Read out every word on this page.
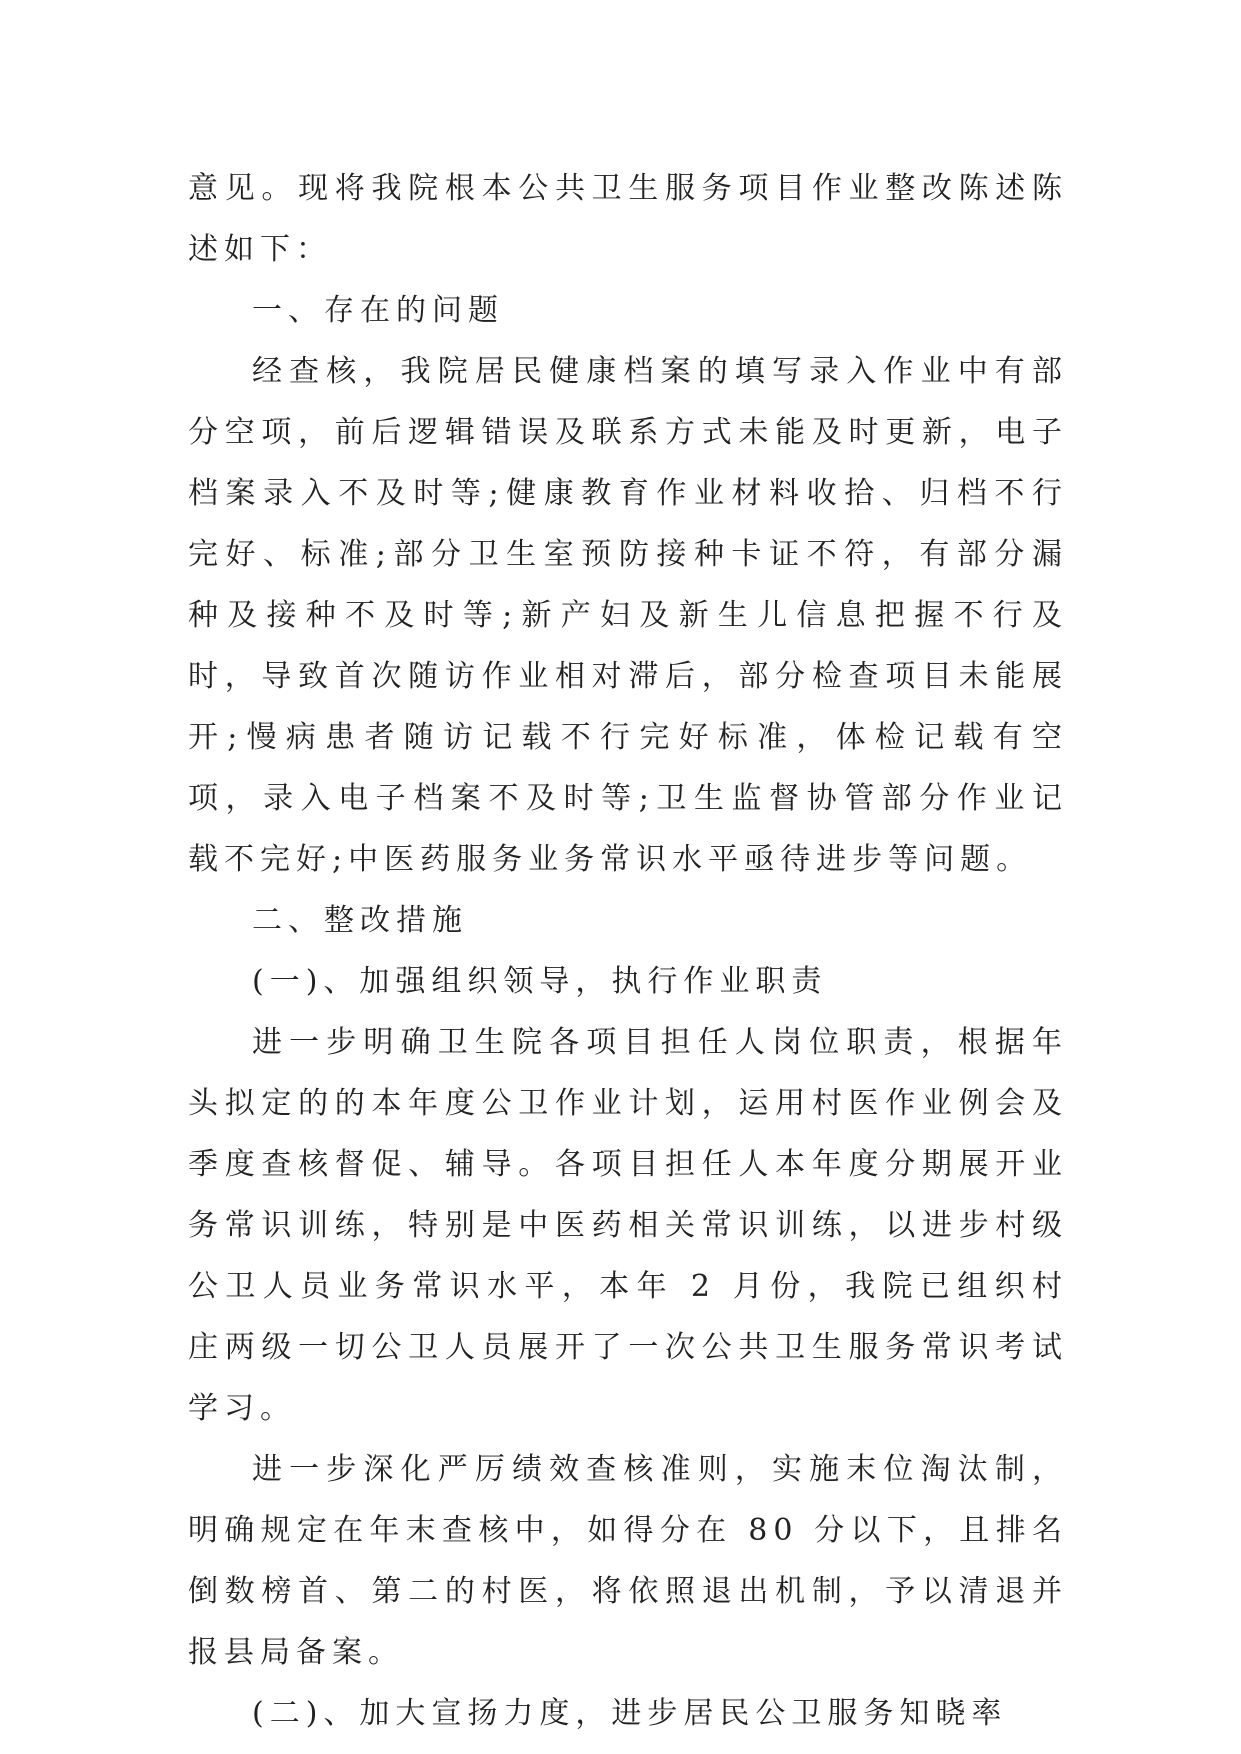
意见。现将我院根本公共卫生服务项目作业整改陈述陈述如下：

一、存在的问题

经查核，我院居民健康档案的填写录入作业中有部分空项，前后逻辑错误及联系方式未能及时更新，电子档案录入不及时等;健康教育作业材料收拾、归档不行完好、标准;部分卫生室预防接种卡证不符，有部分漏种及接种不及时等;新产妇及新生儿信息把握不行及时，导致首次随访作业相对滞后，部分检查项目未能展开;慢病患者随访记载不行完好标准，体检记载有空项，录入电子档案不及时等;卫生监督协管部分作业记载不完好;中医药服务业务常识水平亟待进步等问题。

二、整改措施

(一)、加强组织领导，执行作业职责

进一步明确卫生院各项目担任人岗位职责，根据年头拟定的的本年度公卫作业计划，运用村医作业例会及季度查核督促、辅导。各项目担任人本年度分期展开业务常识训练，特别是中医药相关常识训练，以进步村级公卫人员业务常识水平，本年 2 月份，我院已组织村庄两级一切公卫人员展开了一次公共卫生服务常识考试学习。

进一步深化严厉绩效查核准则，实施末位淘汰制，明确规定在年末查核中，如得分在 80 分以下，且排名倒数榜首、第二的村医，将依照退出机制，予以清退并报县局备案。

(二)、加大宣扬力度，进步居民公卫服务知晓率
